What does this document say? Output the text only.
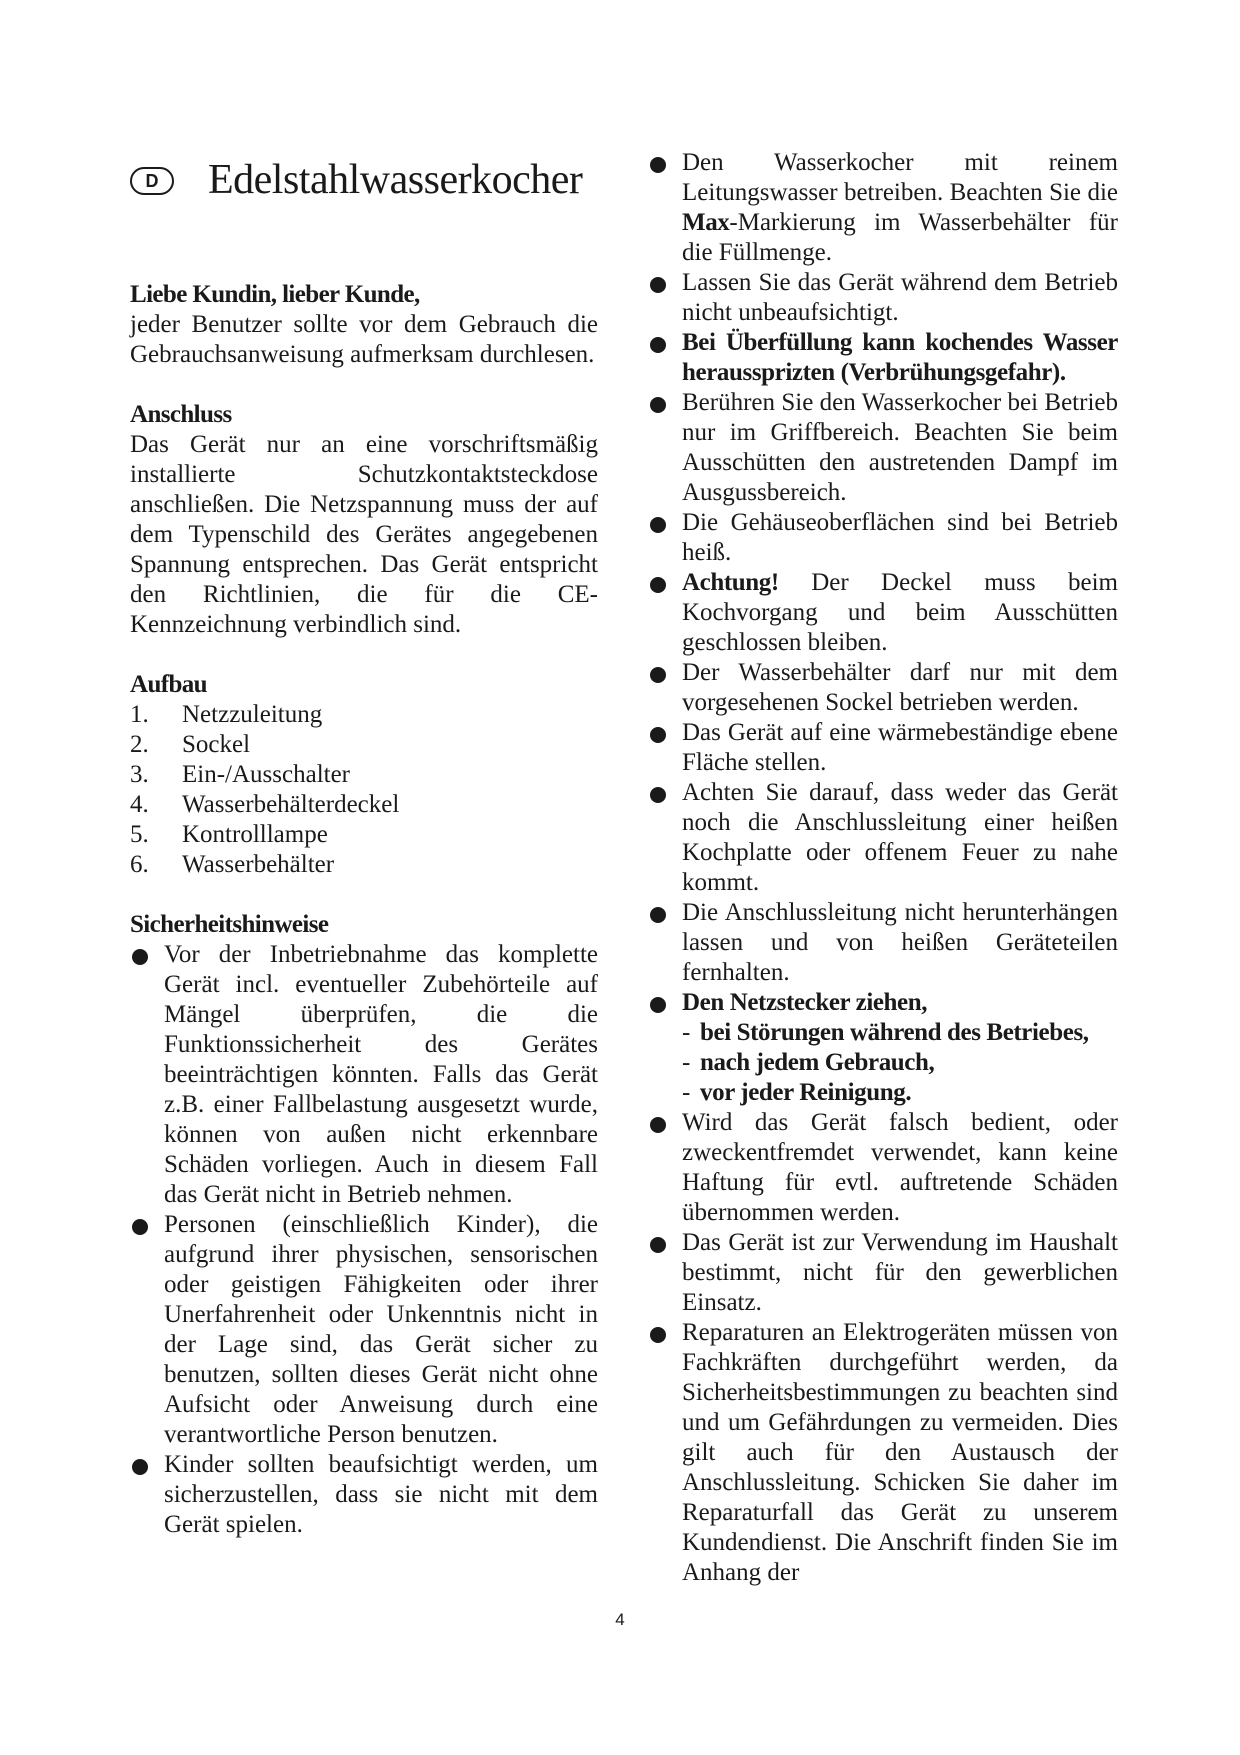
D	Edelstahlwasserkocher
Liebe Kundin, lieber Kunde,
jeder Benutzer sollte vor dem Gebrauch die Gebrauchsanweisung aufmerksam durchlesen.
Anschluss
Das Gerät nur an eine vorschriftsmäßig installierte Schutzkontaktsteckdose anschließen. Die Netzspannung muss der auf dem Typenschild des Gerätes angegebenen Spannung entsprechen. Das Gerät entspricht den Richtlinien, die für die CE-Kennzeichnung verbindlich sind.
Aufbau
1.	Netzzuleitung
2.	Sockel
3.	Ein-/Ausschalter
4.	Wasserbehälterdeckel
5.	Kontrolllampe
6.	Wasserbehälter
Sicherheitshinweise
Vor der Inbetriebnahme das komplette Gerät incl. eventueller Zubehörteile auf Mängel überprüfen, die die Funktionssicherheit des Gerätes beeinträchtigen könnten. Falls das Gerät z.B. einer Fallbelastung ausgesetzt wurde, können von außen nicht erkennbare Schäden vorliegen. Auch in diesem Fall das Gerät nicht in Betrieb nehmen.
Personen (einschließlich Kinder), die aufgrund ihrer physischen, sensorischen oder geistigen Fähigkeiten oder ihrer Unerfahrenheit oder Unkenntnis nicht in der Lage sind, das Gerät sicher zu benutzen, sollten dieses Gerät nicht ohne Aufsicht oder Anweisung durch eine verantwortliche Person benutzen.
Kinder sollten beaufsichtigt werden, um sicherzustellen, dass sie nicht mit dem Gerät spielen.
Den Wasserkocher mit reinem Leitungswasser betreiben. Beachten Sie die Max-Markierung im Wasserbehälter für die Füllmenge.
Lassen Sie das Gerät während dem Betrieb nicht unbeaufsichtigt.
Bei Überfüllung kann kochendes Wasser heraussprizten (Verbrühungsgefahr).
Berühren Sie den Wasserkocher bei Betrieb nur im Griffbereich. Beachten Sie beim Ausschütten den austretenden Dampf im Ausgussbereich.
Die Gehäuseoberflächen sind bei Betrieb heiß.
Achtung! Der Deckel muss beim Kochvorgang und beim Ausschütten geschlossen bleiben.
Der Wasserbehälter darf nur mit dem vorgesehenen Sockel betrieben werden.
Das Gerät auf eine wärmebeständige ebene Fläche stellen.
Achten Sie darauf, dass weder das Gerät noch die Anschlussleitung einer heißen Kochplatte oder offenem Feuer zu nahe kommt.
Die Anschlussleitung nicht herunterhängen lassen und von heißen Geräteteilen fernhalten.
Den Netzstecker ziehen,
- bei Störungen während des Betriebes,
- nach jedem Gebrauch,
- vor jeder Reinigung.
Wird das Gerät falsch bedient, oder zweckentfremdet verwendet, kann keine Haftung für evtl. auftretende Schäden übernommen werden.
Das Gerät ist zur Verwendung im Haushalt bestimmt, nicht für den gewerblichen Einsatz.
Reparaturen an Elektrogeräten müssen von Fachkräften durchgeführt werden, da Sicherheitsbestimmungen zu beachten sind und um Gefährdungen zu vermeiden. Dies gilt auch für den Austausch der Anschlussleitung. Schicken Sie daher im Reparaturfall das Gerät zu unserem Kundendienst. Die Anschrift finden Sie im Anhang der
4
